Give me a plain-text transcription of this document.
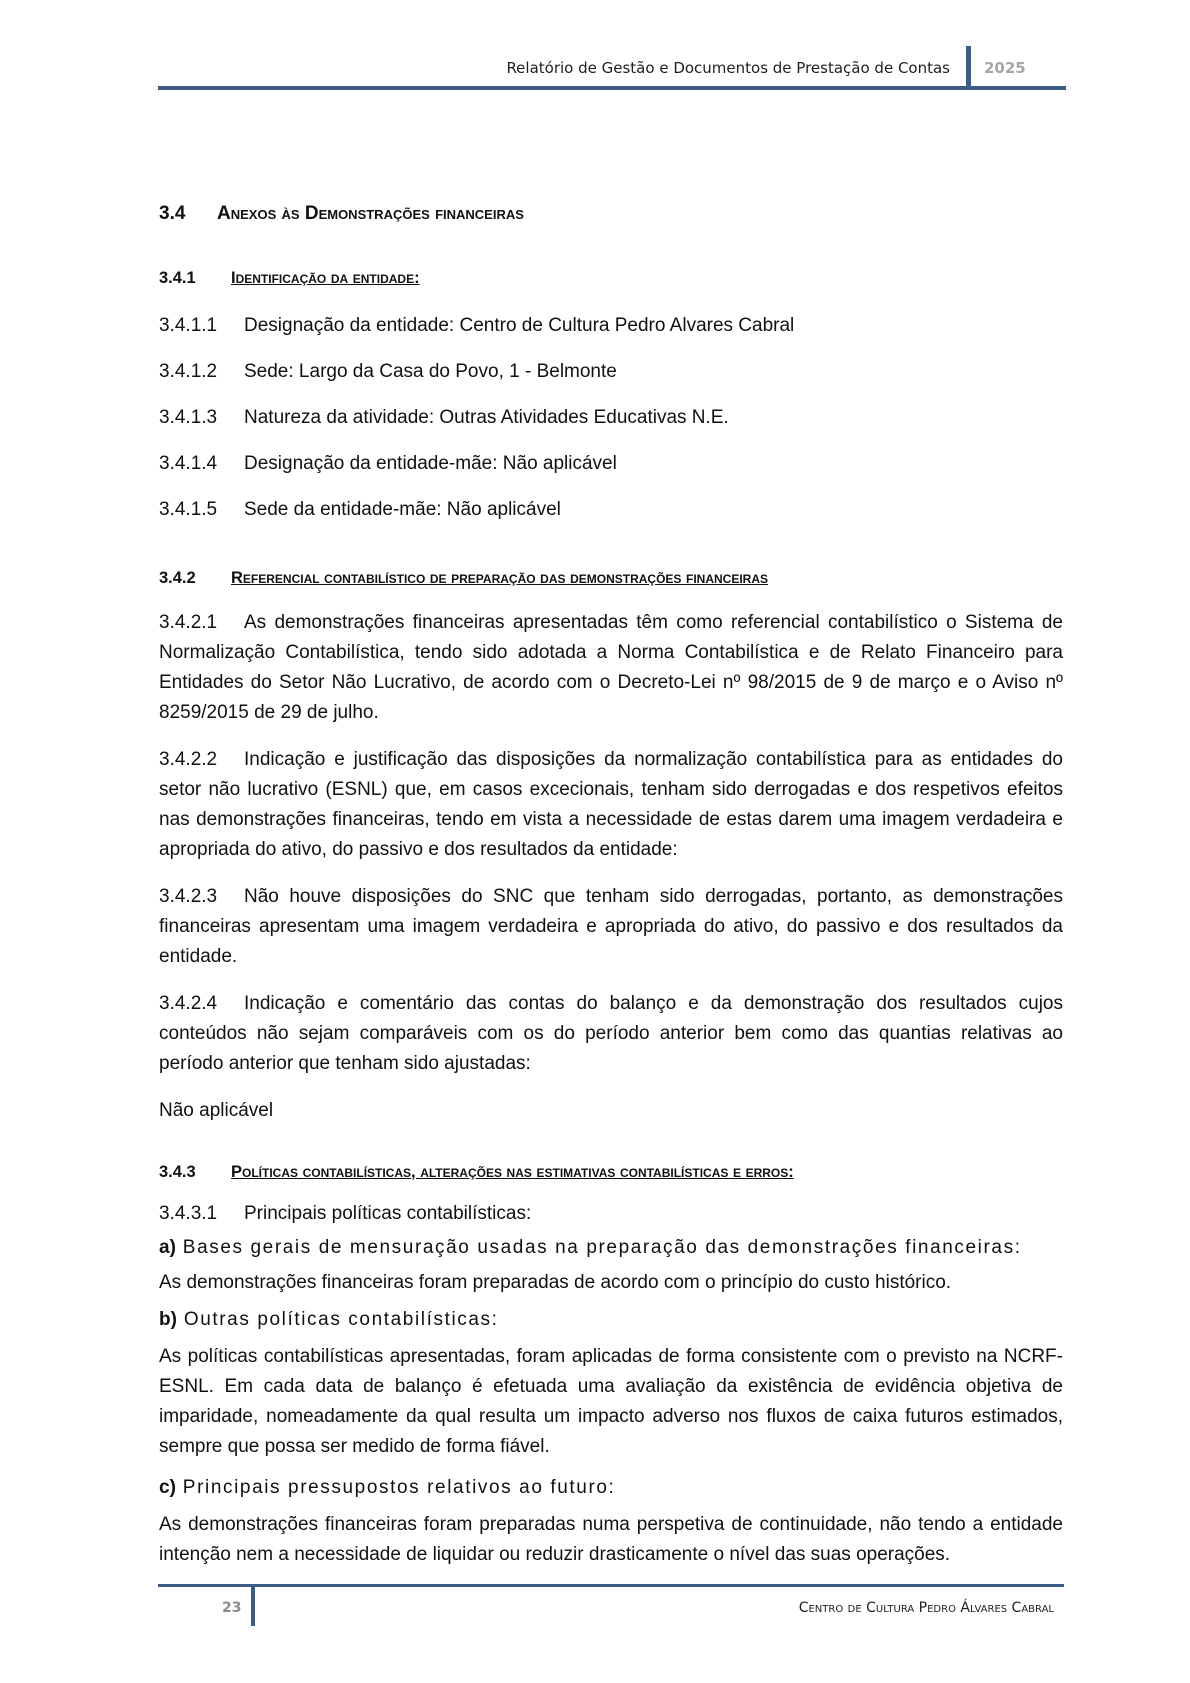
Relatório de Gestão e Documentos de Prestação de Contas 2025
3.4 Anexos às Demonstrações financeiras
3.4.1 Identificação da entidade:
3.4.1.1 Designação da entidade: Centro de Cultura Pedro Alvares Cabral
3.4.1.2 Sede: Largo da Casa do Povo, 1 - Belmonte
3.4.1.3 Natureza da atividade: Outras Atividades Educativas N.E.
3.4.1.4 Designação da entidade-mãe: Não aplicável
3.4.1.5 Sede da entidade-mãe: Não aplicável
3.4.2 Referencial contabilístico de preparação das demonstrações financeiras
3.4.2.1 As demonstrações financeiras apresentadas têm como referencial contabilístico o Sistema de Normalização Contabilística, tendo sido adotada a Norma Contabilística e de Relato Financeiro para Entidades do Setor Não Lucrativo, de acordo com o Decreto-Lei nº 98/2015 de 9 de março e o Aviso nº 8259/2015 de 29 de julho.
3.4.2.2 Indicação e justificação das disposições da normalização contabilística para as entidades do setor não lucrativo (ESNL) que, em casos excecionais, tenham sido derrogadas e dos respetivos efeitos nas demonstrações financeiras, tendo em vista a necessidade de estas darem uma imagem verdadeira e apropriada do ativo, do passivo e dos resultados da entidade:
3.4.2.3 Não houve disposições do SNC que tenham sido derrogadas, portanto, as demonstrações financeiras apresentam uma imagem verdadeira e apropriada do ativo, do passivo e dos resultados da entidade.
3.4.2.4 Indicação e comentário das contas do balanço e da demonstração dos resultados cujos conteúdos não sejam comparáveis com os do período anterior bem como das quantias relativas ao período anterior que tenham sido ajustadas:
Não aplicável
3.4.3 Políticas contabilísticas, alterações nas estimativas contabilísticas e erros:
3.4.3.1 Principais políticas contabilísticas:
a) Bases gerais de mensuração usadas na preparação das demonstrações financeiras:
As demonstrações financeiras foram preparadas de acordo com o princípio do custo histórico.
b) Outras políticas contabilísticas:
As políticas contabilísticas apresentadas, foram aplicadas de forma consistente com o previsto na NCRF-ESNL. Em cada data de balanço é efetuada uma avaliação da existência de evidência objetiva de imparidade, nomeadamente da qual resulta um impacto adverso nos fluxos de caixa futuros estimados, sempre que possa ser medido de forma fiável.
c) Principais pressupostos relativos ao futuro:
As demonstrações financeiras foram preparadas numa perspetiva de continuidade, não tendo a entidade intenção nem a necessidade de liquidar ou reduzir drasticamente o nível das suas operações.
23	Centro de Cultura Pedro Álvares Cabral
